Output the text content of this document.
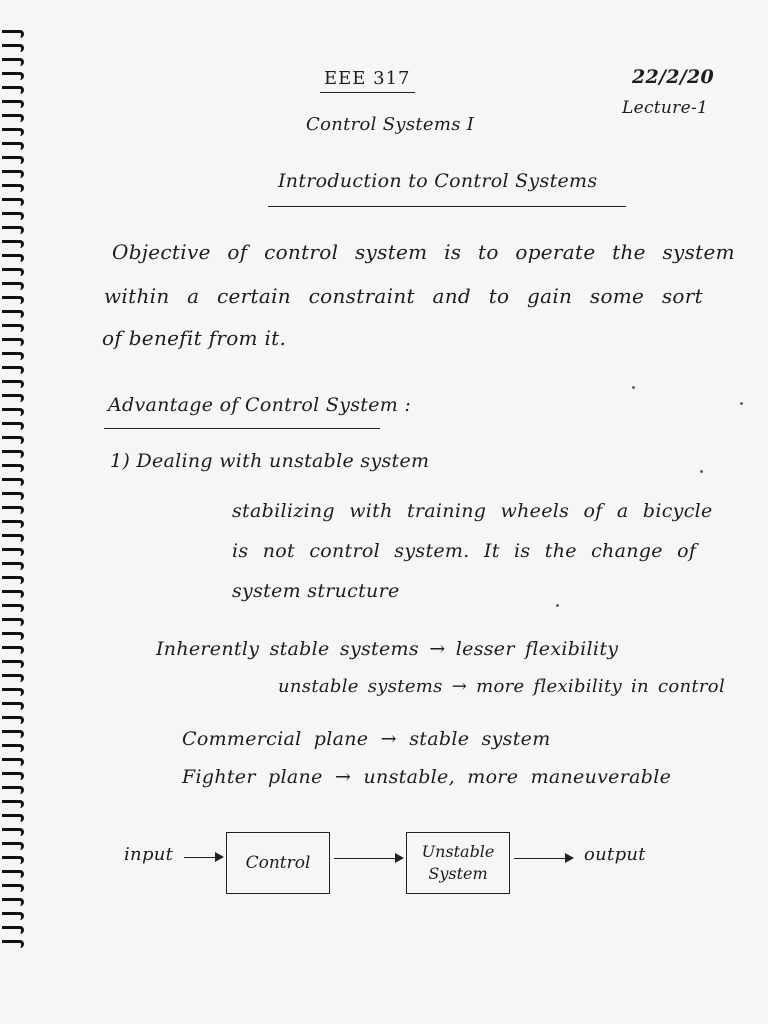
EEE 317	22/2/20
Lecture-1
Control Systems I
Introduction to Control Systems
Objective of control system is to operate the system
within a certain constraint and to gain some sort
of benefit from it.
Advantage of Control System :
1) Dealing with unstable system
stabilizing with training wheels of a bicycle
is not control system. It is the change of
system structure
Inherently stable systems → lesser flexibility
unstable systems → more flexibility in control
Commercial plane → stable system
Fighter plane → unstable, more maneuverable
input	Control
Unstable
System
output
